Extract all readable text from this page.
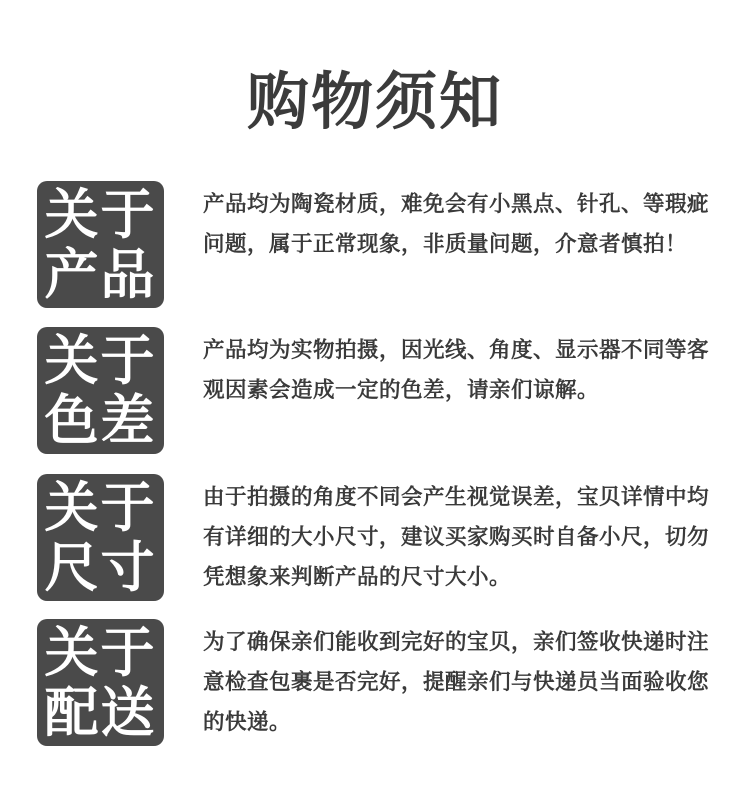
购物须知
关于
产品
产品均为陶瓷材质，难免会有小黑点、针孔、等瑕疵问题，属于正常现象，非质量问题，介意者慎拍！
关于
色差
产品均为实物拍摄，因光线、角度、显示器不同等客观因素会造成一定的色差，请亲们谅解。
关于
尺寸
由于拍摄的角度不同会产生视觉误差，宝贝详情中均有详细的大小尺寸，建议买家购买时自备小尺，切勿凭想象来判断产品的尺寸大小。
关于
配送
为了确保亲们能收到完好的宝贝，亲们签收快递时注意检查包裹是否完好，提醒亲们与快递员当面验收您的快递。
